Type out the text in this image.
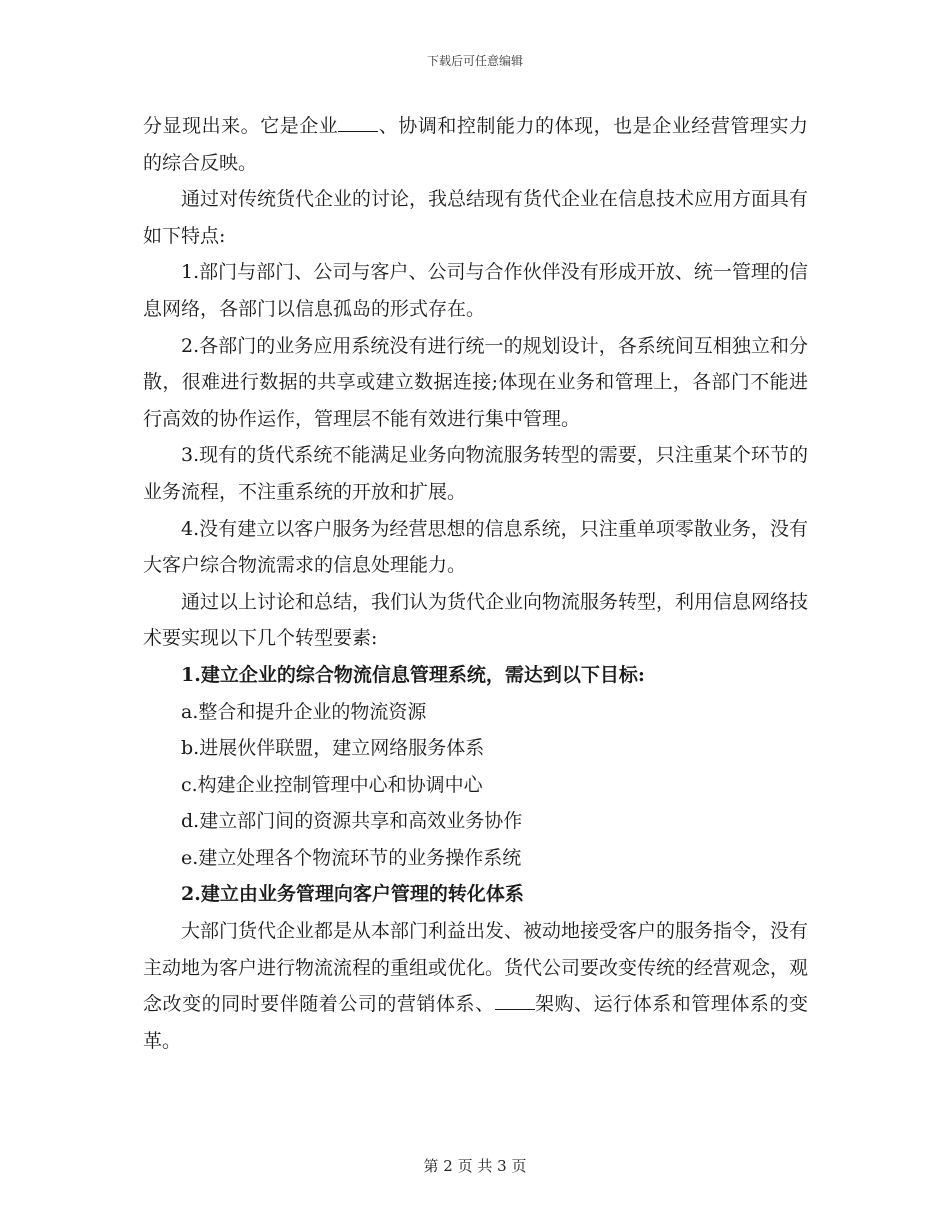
下载后可任意编辑

分显现出来。它是企业 、协调和控制能力的体现，也是企业经营管理实力的综合反映。

通过对传统货代企业的讨论，我总结现有货代企业在信息技术应用方面具有如下特点:

1.部门与部门、公司与客户、公司与合作伙伴没有形成开放、统一管理的信息网络，各部门以信息孤岛的形式存在。

2.各部门的业务应用系统没有进行统一的规划设计，各系统间互相独立和分散，很难进行数据的共享或建立数据连接;体现在业务和管理上，各部门不能进行高效的协作运作，管理层不能有效进行集中管理。

3.现有的货代系统不能满足业务向物流服务转型的需要，只注重某个环节的业务流程，不注重系统的开放和扩展。

4.没有建立以客户服务为经营思想的信息系统，只注重单项零散业务，没有大客户综合物流需求的信息处理能力。

通过以上讨论和总结，我们认为货代企业向物流服务转型，利用信息网络技术要实现以下几个转型要素:

1.建立企业的综合物流信息管理系统，需达到以下目标:

a.整合和提升企业的物流资源

b.进展伙伴联盟，建立网络服务体系

c.构建企业控制管理中心和协调中心

d.建立部门间的资源共享和高效业务协作

e.建立处理各个物流环节的业务操作系统

2.建立由业务管理向客户管理的转化体系

大部门货代企业都是从本部门利益出发、被动地接受客户的服务指令，没有主动地为客户进行物流流程的重组或优化。货代公司要改变传统的经营观念，观念改变的同时要伴随着公司的营销体系、 架购、运行体系和管理体系的变革。

第 2 页 共 3 页
